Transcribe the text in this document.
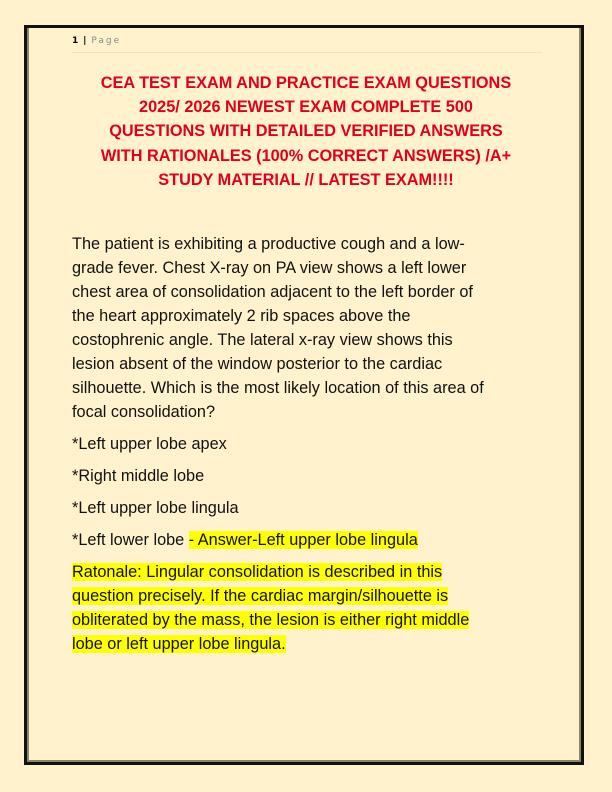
1 | Page
CEA TEST EXAM AND PRACTICE EXAM QUESTIONS
2025/ 2026 NEWEST EXAM COMPLETE 500
QUESTIONS WITH DETAILED VERIFIED ANSWERS
WITH RATIONALES (100% CORRECT ANSWERS) /A+
STUDY MATERIAL // LATEST EXAM!!!!
The patient is exhibiting a productive cough and a low-
grade fever. Chest X-ray on PA view shows a left lower
chest area of consolidation adjacent to the left border of
the heart approximately 2 rib spaces above the
costophrenic angle. The lateral x-ray view shows this
lesion absent of the window posterior to the cardiac
silhouette. Which is the most likely location of this area of
focal consolidation?
*Left upper lobe apex
*Right middle lobe
*Left upper lobe lingula
*Left lower lobe - Answer-Left upper lobe lingula
Ratonale: Lingular consolidation is described in this
question precisely. If the cardiac margin/silhouette is
obliterated by the mass, the lesion is either right middle
lobe or left upper lobe lingula.
